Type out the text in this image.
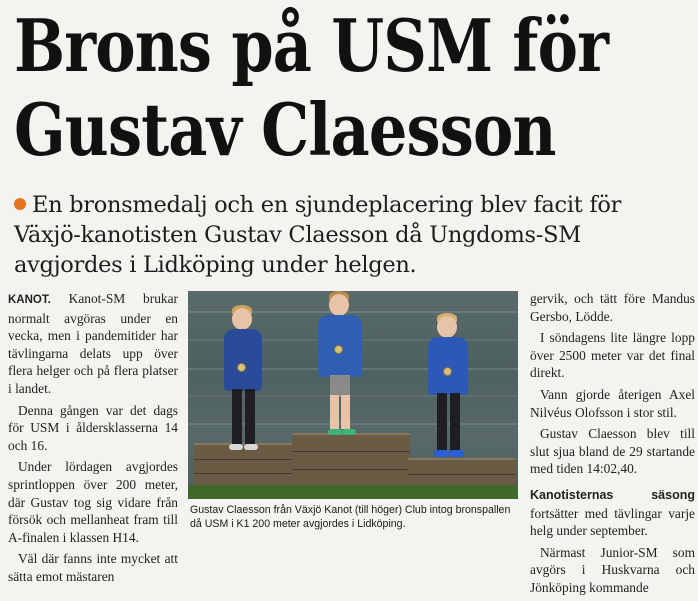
Brons på USM för
Gustav Claesson
En bronsmedalj och en sjundeplacering blev facit för Växjö-kanotisten Gustav Claesson då Ungdoms-SM avgjordes i Lidköping under helgen.

KANOT. Kanot-SM brukar normalt avgöras under en vecka, men i pandemitider har tävlingarna delats upp över flera helger och på flera platser i landet.

Denna gången var det dags för USM i åldersklasserna 14 och 16.

Under lördagen avgjordes sprintloppen över 200 meter, där Gustav tog sig vidare från försök och mellanheat fram till A-finalen i klassen H14.

Väl där fanns inte mycket att sätta emot mästaren

Gustav Claesson från Växjö Kanot (till höger) Club intog bronspallen då USM i K1 200 meter avgjordes i Lidköping.

gervik, och tätt före Mandus Gersbo, Lödde.

I söndagens lite längre lopp över 2500 meter var det final direkt.

Vann gjorde återigen Axel Nilvéus Olofsson i stor stil.

Gustav Claesson blev till slut sjua bland de 29 startande med tiden 14:02,40.

Kanotisternas säsong fortsätter med tävlingar varje helg under september.

Närmast Junior-SM som avgörs i Huskvarna och Jönköping kommande
